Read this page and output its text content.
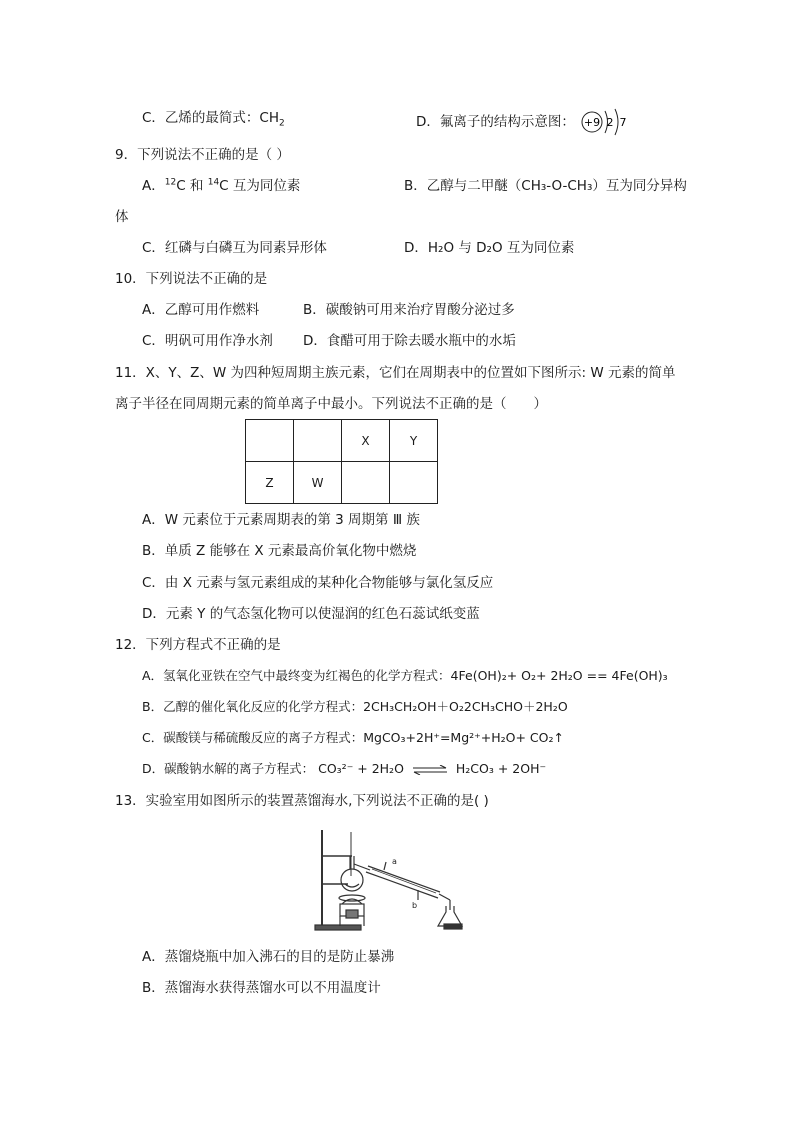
C．乙烯的最简式：$CH_2$	D．氟离子的结构示意图： +9 2 7
9．下列说法不正确的是（ ）
A．$^{12}$C 和 $^{14}$C 互为同位素	B．乙醇与二甲醚（CH₃-O-CH₃）互为同分异构
体
C．红磷与白磷互为同素异形体	D．H₂O 与 D₂O 互为同位素
10．下列说法不正确的是
A．乙醇可用作燃料	B．碳酸钠可用来治疗胃酸分泌过多
C．明矾可用作净水剂 D．食醋可用于除去暖水瓶中的水垢
11．X、Y、Z、W 为四种短周期主族元素，它们在周期表中的位置如下图所示: W 元素的简单
离子半径在同周期元素的简单离子中最小。下列说法不正确的是（　　）
		X	Y
Z	W		
A．W 元素位于元素周期表的第 3 周期第 Ⅲ 族
B．单质 Z 能够在 X 元素最高价氧化物中燃烧
C．由 X 元素与氢元素组成的某种化合物能够与氯化氢反应
D．元素 Y 的气态氢化物可以使湿润的红色石蕊试纸变蓝
12．下列方程式不正确的是
A．氢氧化亚铁在空气中最终变为红褐色的化学方程式：4Fe(OH)₂+ O₂+ 2H₂O == 4Fe(OH)₃
B．乙醇的催化氧化反应的化学方程式：2CH₃CH₂OH＋O₂2CH₃CHO＋2H₂O
C．碳酸镁与稀硫酸反应的离子方程式：MgCO₃+2H⁺=Mg²⁺+H₂O+ CO₂↑
D．碳酸钠水解的离子方程式： CO₃²⁻ + 2H₂O ⇌ H₂CO₃ + 2OH⁻
13．实验室用如图所示的装置蒸馏海水,下列说法不正确的是( )
a
b
A．蒸馏烧瓶中加入沸石的目的是防止暴沸
B．蒸馏海水获得蒸馏水可以不用温度计
